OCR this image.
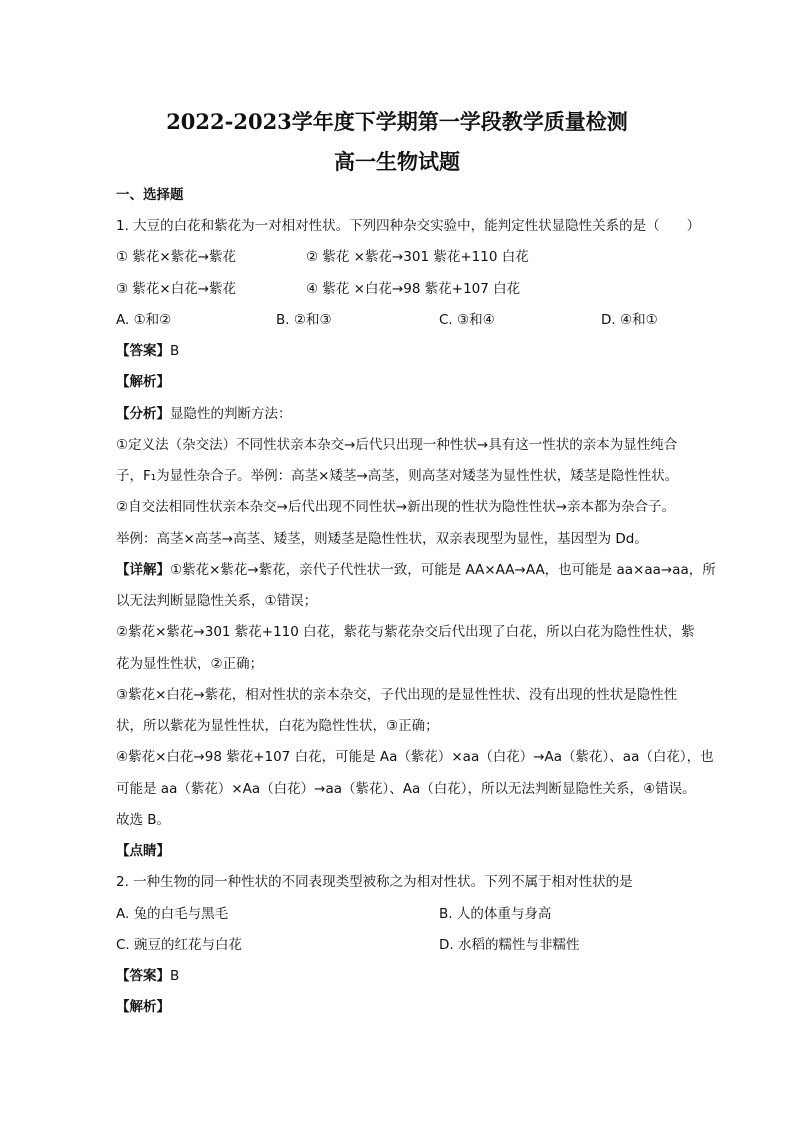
2022-2023学年度下学期第一学段教学质量检测
高一生物试题
一、选择题
1. 大豆的白花和紫花为一对相对性状。下列四种杂交实验中，能判定性状显隐性关系的是（　　）
① 紫花×紫花→紫花	② 紫花 ×紫花→301 紫花+110 白花
③ 紫花×白花→紫花	④ 紫花 ×白花→98 紫花+107 白花
A. ①和②	B. ②和③	C. ③和④	D. ④和①
【答案】B
【解析】
【分析】显隐性的判断方法：
①定义法（杂交法）不同性状亲本杂交→后代只出现一种性状→具有这一性状的亲本为显性纯合
子，F₁为显性杂合子。举例：高茎×矮茎→高茎，则高茎对矮茎为显性性状，矮茎是隐性性状。
②自交法相同性状亲本杂交→后代出现不同性状→新出现的性状为隐性性状→亲本都为杂合子。
举例：高茎×高茎→高茎、矮茎，则矮茎是隐性性状，双亲表现型为显性，基因型为 Dd。
【详解】①紫花×紫花→紫花，亲代子代性状一致，可能是 AA×AA→AA，也可能是 aa×aa→aa，所
以无法判断显隐性关系，①错误；
②紫花×紫花→301 紫花+110 白花，紫花与紫花杂交后代出现了白花，所以白花为隐性性状，紫
花为显性性状，②正确；
③紫花×白花→紫花，相对性状的亲本杂交，子代出现的是显性性状、没有出现的性状是隐性性
状，所以紫花为显性性状，白花为隐性性状，③正确；
④紫花×白花→98 紫花+107 白花，可能是 Aa（紫花）×aa（白花）→Aa（紫花）、aa（白花），也
可能是 aa（紫花）×Aa（白花）→aa（紫花）、Aa（白花），所以无法判断显隐性关系，④错误。
故选 B。
【点睛】
2. 一种生物的同一种性状的不同表现类型被称之为相对性状。下列不属于相对性状的是
A. 兔的白毛与黑毛	B. 人的体重与身高
C. 豌豆的红花与白花	D. 水稻的糯性与非糯性
【答案】B
【解析】
